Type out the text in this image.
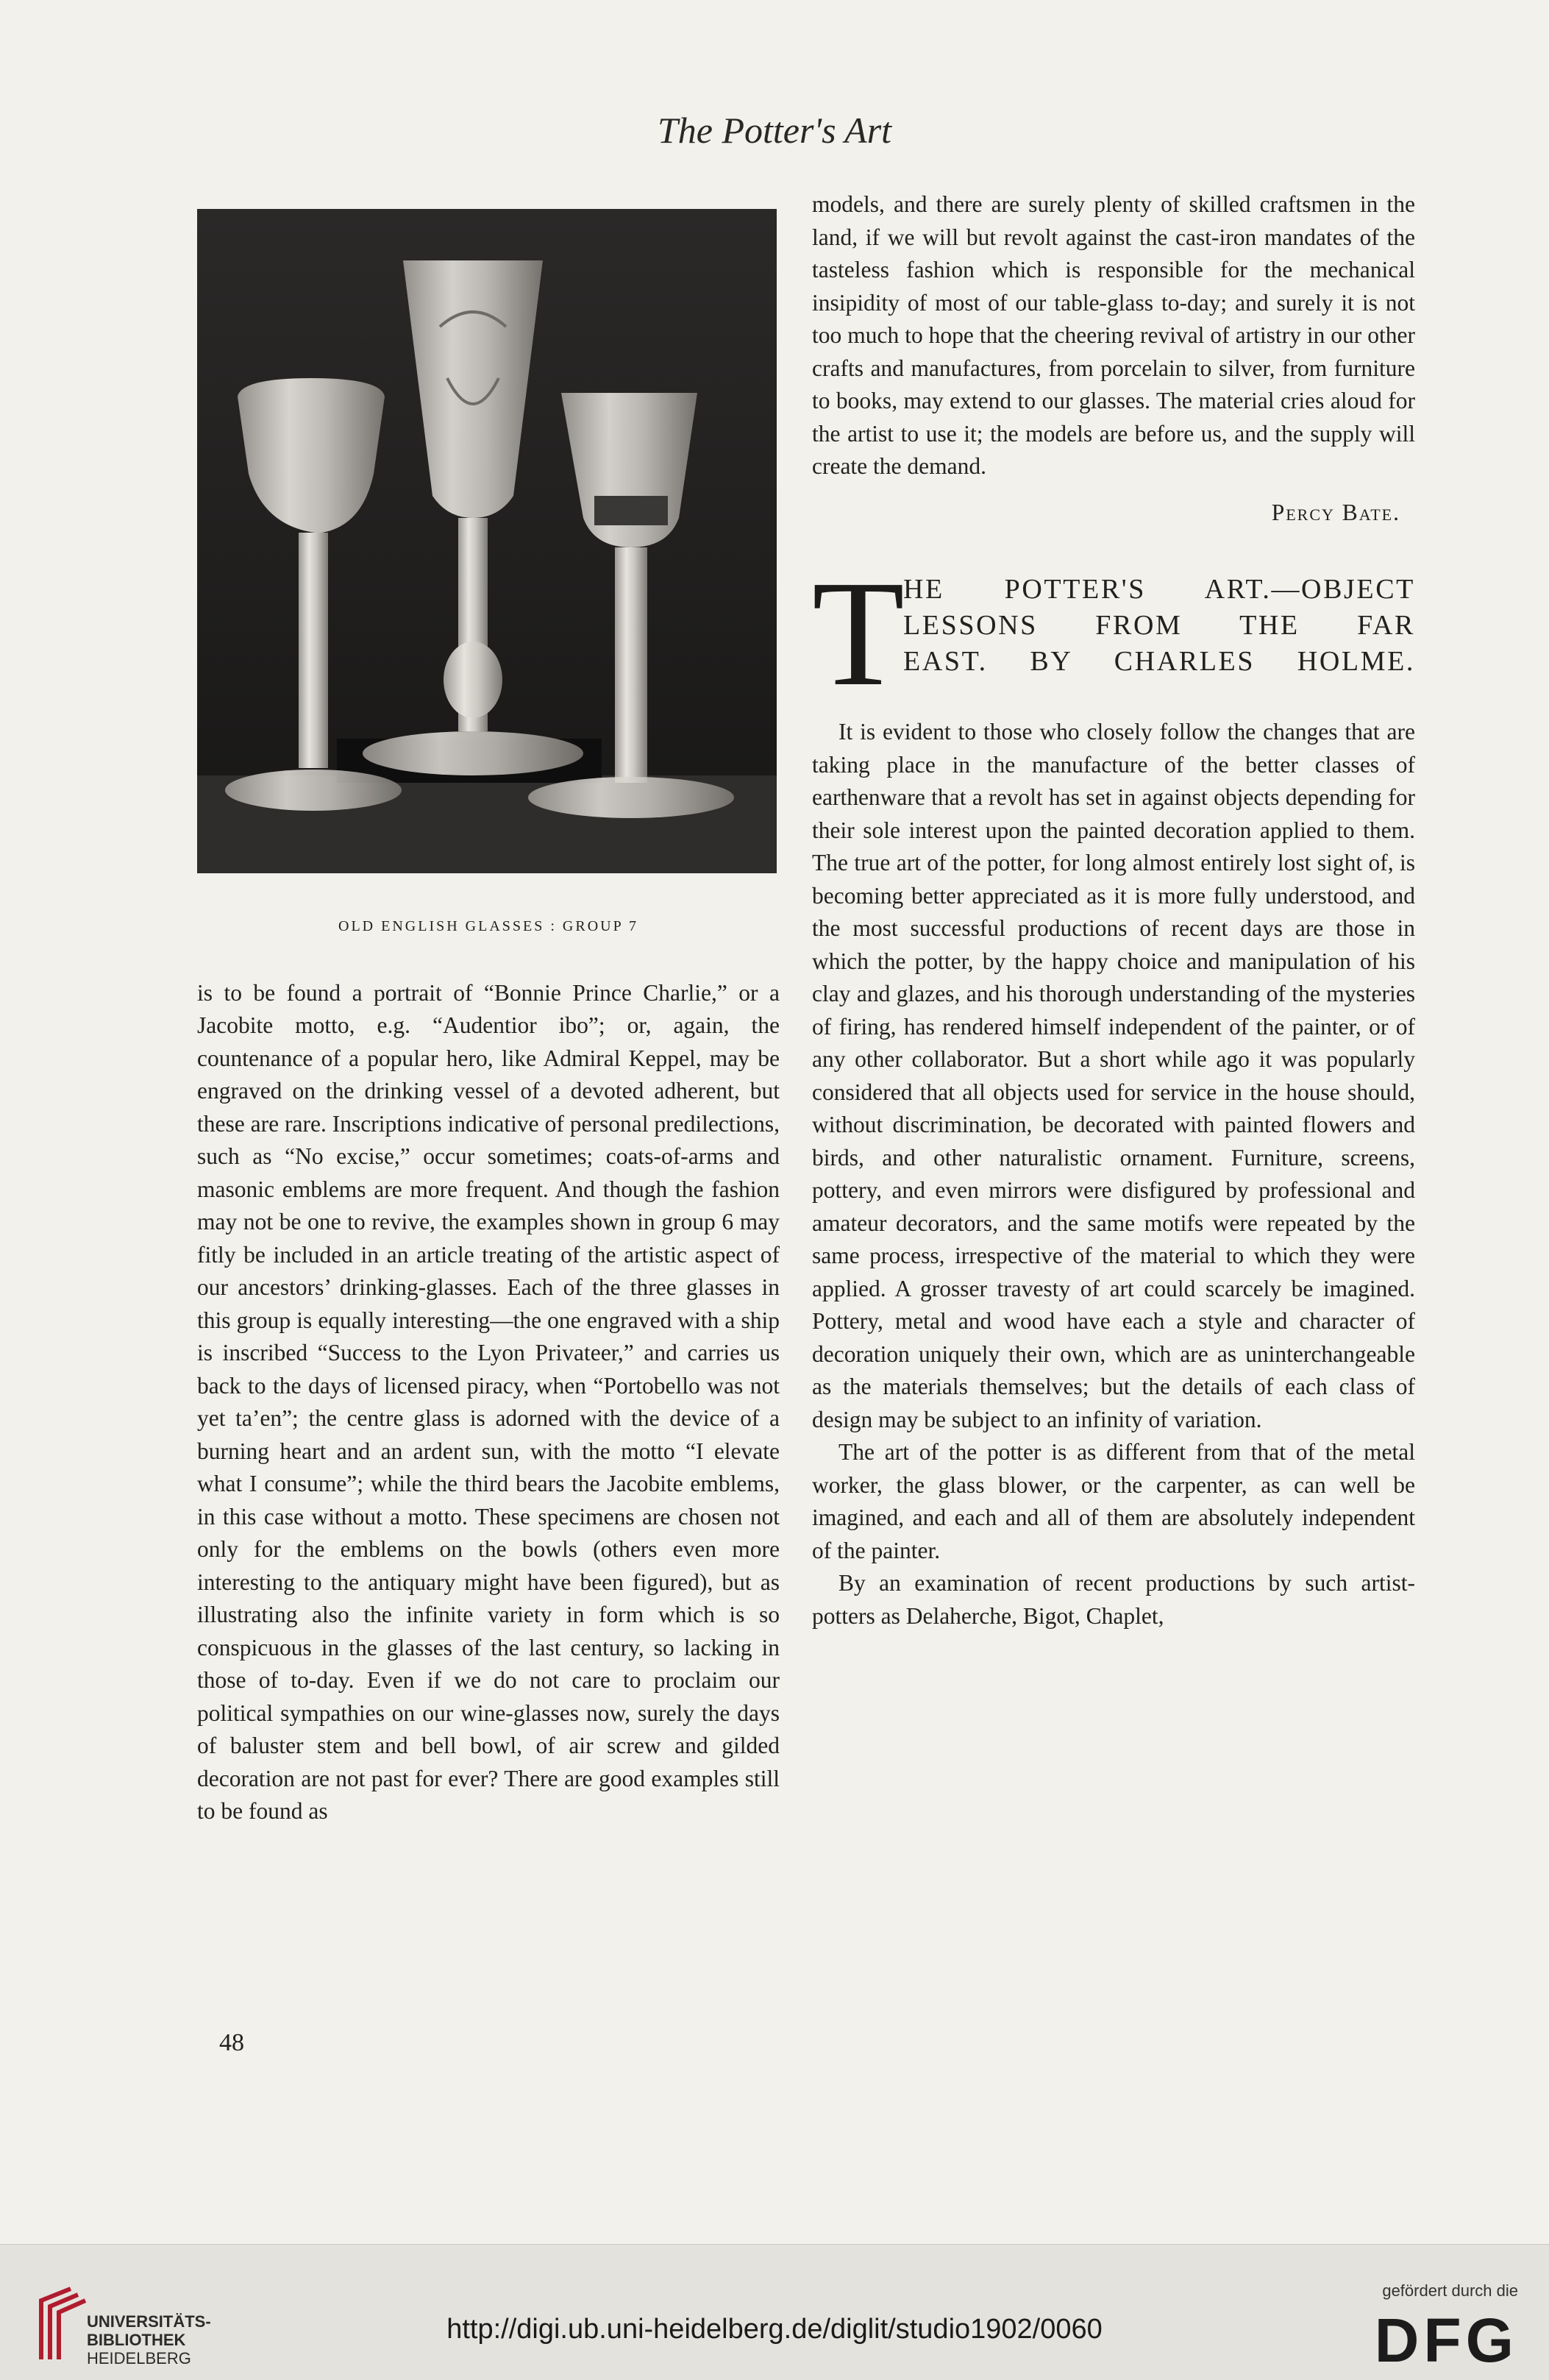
The Potter's Art
OLD ENGLISH GLASSES : GROUP 7

is to be found a portrait of “Bonnie Prince Charlie,” or a Jacobite motto, e.g. “Audentior ibo”; or, again, the countenance of a popular hero, like Admiral Keppel, may be engraved on the drinking vessel of a devoted adherent, but these are rare. Inscriptions indicative of personal predilections, such as “No excise,” occur sometimes; coats-of-arms and masonic emblems are more frequent. And though the fashion may not be one to revive, the examples shown in group 6 may fitly be included in an article treating of the artistic aspect of our ancestors’ drinking-glasses. Each of the three glasses in this group is equally interesting—the one engraved with a ship is inscribed “Success to the Lyon Privateer,” and carries us back to the days of licensed piracy, when “Portobello was not yet ta’en”; the centre glass is adorned with the device of a burning heart and an ardent sun, with the motto “I elevate what I consume”; while the third bears the Jacobite emblems, in this case without a motto. These specimens are chosen not only for the emblems on the bowls (others even more interesting to the antiquary might have been figured), but as illustrating also the infinite variety in form which is so conspicuous in the glasses of the last century, so lacking in those of to-day. Even if we do not care to proclaim our political sympathies on our wine-glasses now, surely the days of baluster stem and bell bowl, of air screw and gilded decoration are not past for ever? There are good examples still to be found as

models, and there are surely plenty of skilled craftsmen in the land, if we will but revolt against the cast-iron mandates of the tasteless fashion which is responsible for the mechanical insipidity of most of our table-glass to-day; and surely it is not too much to hope that the cheering revival of artistry in our other crafts and manufactures, from porcelain to silver, from furniture to books, may extend to our glasses. The material cries aloud for the artist to use it; the models are before us, and the supply will create the demand.

Percy Bate.
T
HE POTTER'S ART.—OBJECT
LESSONS FROM THE FAR
EAST. BY CHARLES HOLME.

It is evident to those who closely follow the changes that are taking place in the manufacture of the better classes of earthenware that a revolt has set in against objects depending for their sole interest upon the painted decoration applied to them. The true art of the potter, for long almost entirely lost sight of, is becoming better appreciated as it is more fully understood, and the most successful productions of recent days are those in which the potter, by the happy choice and manipulation of his clay and glazes, and his thorough understanding of the mysteries of firing, has rendered himself independent of the painter, or of any other collaborator. But a short while ago it was popularly considered that all objects used for service in the house should, without discrimination, be decorated with painted flowers and birds, and other naturalistic ornament. Furniture, screens, pottery, and even mirrors were disfigured by professional and amateur decorators, and the same motifs were repeated by the same process, irrespective of the material to which they were applied. A grosser travesty of art could scarcely be imagined. Pottery, metal and wood have each a style and character of decoration uniquely their own, which are as uninterchangeable as the materials themselves; but the details of each class of design may be subject to an infinity of variation.

The art of the potter is as different from that of the metal worker, the glass blower, or the carpenter, as can well be imagined, and each and all of them are absolutely independent of the painter.

By an examination of recent productions by such artist-potters as Delaherche, Bigot, Chaplet,

48
UNIVERSITÄTS-
BIBLIOTHEK
HEIDELBERG
http://digi.ub.uni-heidelberg.de/diglit/studio1902/0060
gefördert durch die
DFG
